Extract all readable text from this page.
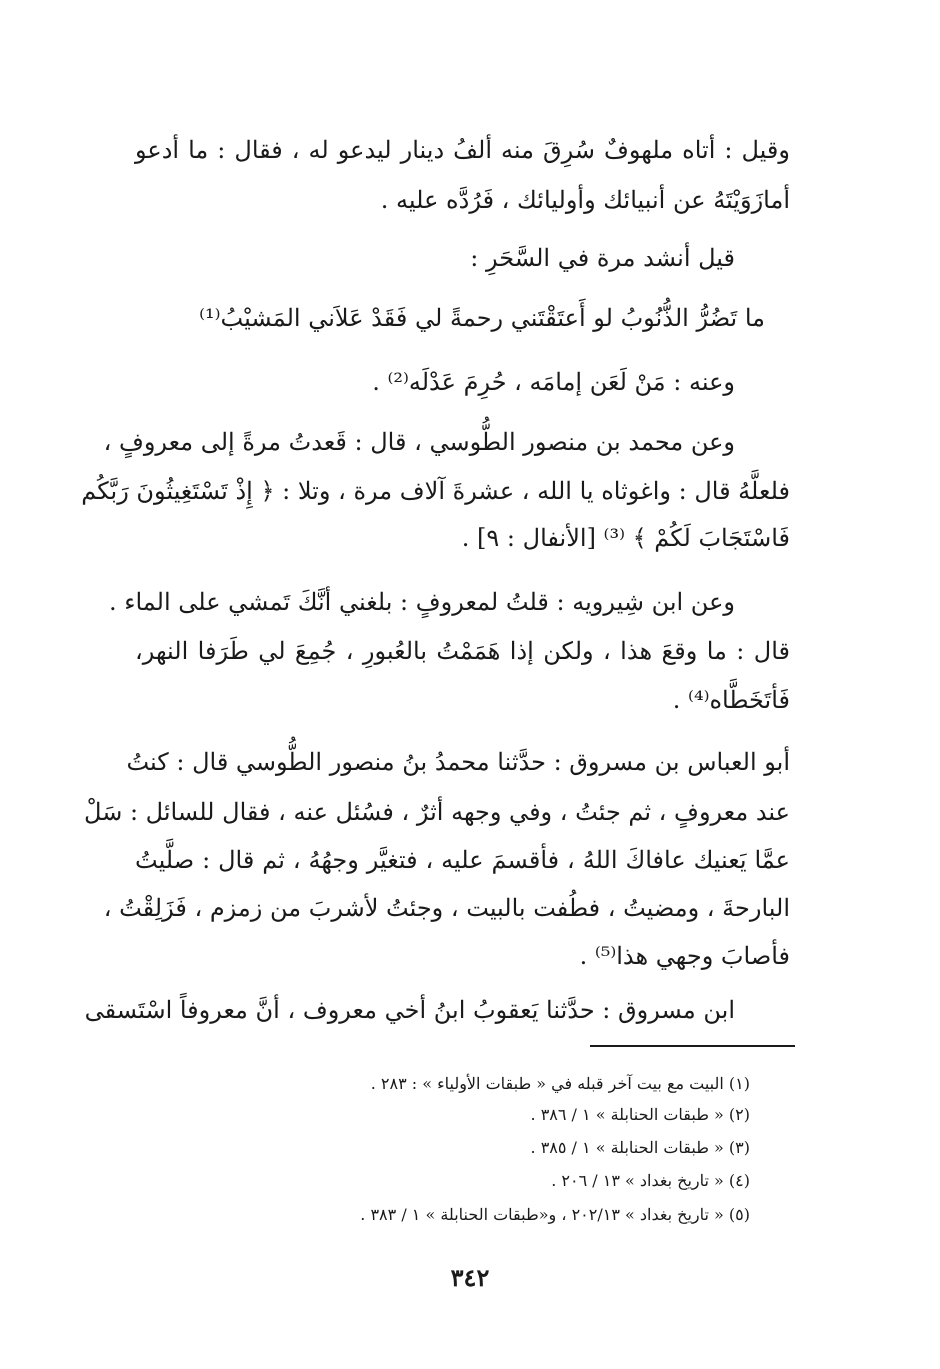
وقيل : أتاه ملهوفٌ سُرِقَ منه ألفُ دينار ليدعو له ، فقال : ما أدعو
أمازَوَيْتَهُ عن أنبيائك وأوليائك ، فَرُدَّه عليه .
قيل أنشد مرة في السَّحَرِ :
ما تَضُرُّ الذُّنُوبُ لو أَعتَقْتَني رحمةً لي فَقَدْ عَلاَني المَشيْبُ⁽¹⁾
وعنه : مَنْ لَعَن إمامَه ، حُرِمَ عَدْلَه⁽²⁾ .
وعن محمد بن منصور الطُّوسي ، قال : قَعدتُ مرةً إلى معروفٍ ،
فلعلَّهُ قال : واغوثاه يا الله ، عشرةَ آلاف مرة ، وتلا : ﴿ إِذْ تَسْتَغِيثُونَ رَبَّكُم
فَاسْتَجَابَ لَكُمْ ﴾ ⁽³⁾ [الأنفال : ٩] .
وعن ابن شِيرويه : قلتُ لمعروفٍ : بلغني أنَّكَ تَمشي على الماء .
قال : ما وقعَ هذا ، ولكن إذا هَمَمْتُ بالعُبورِ ، جُمِعَ لي طَرَفا النهر،
فَأتَخَطَّاه⁽⁴⁾ .
أبو العباس بن مسروق : حدَّثنا محمدُ بنُ منصور الطُّوسي قال : كنتُ
عند معروفٍ ، ثم جئتُ ، وفي وجهه أثرٌ ، فسُئل عنه ، فقال للسائل : سَلْ
عمَّا يَعنيك عافاكَ اللهُ ، فأقسمَ عليه ، فتغيَّر وجهُهُ ، ثم قال : صلَّيتُ
البارحةَ ، ومضيتُ ، فطُفت بالبيت ، وجئتُ لأشربَ من زمزم ، فَزَلِقْتُ ،
فأصابَ وجهي هذا⁽⁵⁾ .
ابن مسروق : حدَّثنا يَعقوبُ ابنُ أخي معروف ، أنَّ معروفاً اسْتَسقى
(١) البيت مع بيت آخر قبله في « طبقات الأولياء » : ٢٨٣ .
(٢) « طبقات الحنابلة » ١ / ٣٨٦ .
(٣) « طبقات الحنابلة » ١ / ٣٨٥ .
(٤) « تاريخ بغداد » ١٣ / ٢٠٦ .
(٥) « تاريخ بغداد » ٢٠٢/١٣ ، و«طبقات الحنابلة » ١ / ٣٨٣ .
٣٤٢
